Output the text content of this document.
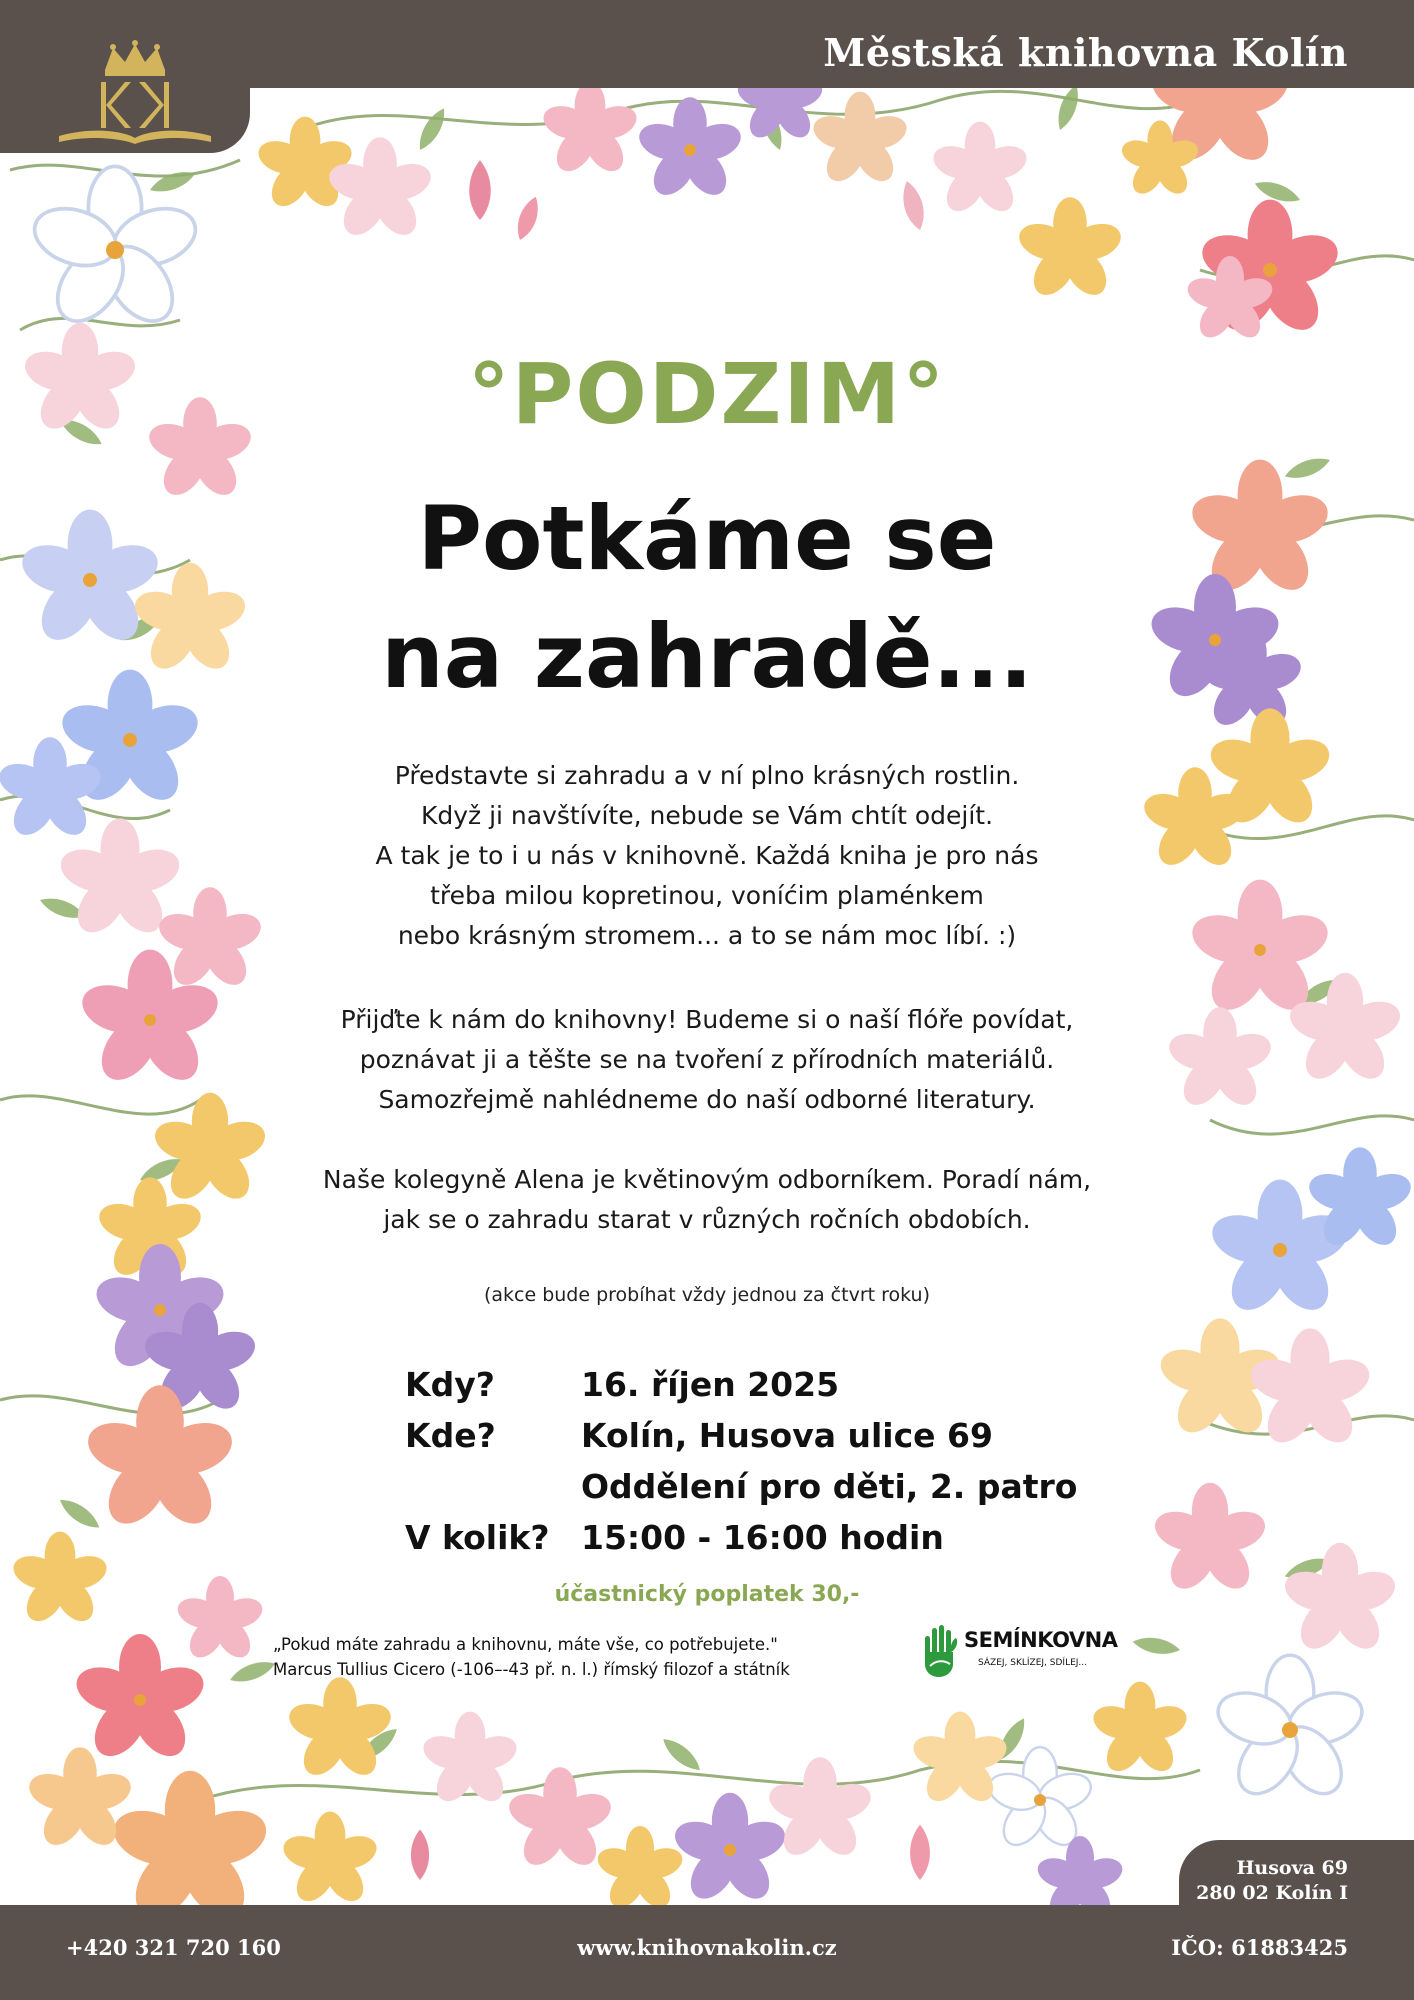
Městská knihovna Kolín
°PODZIM°
Potkáme se
na zahradě...
Představte si zahradu a v ní plno krásných rostlin.
Když ji navštívíte, nebude se Vám chtít odejít.
A tak je to i u nás v knihovně. Každá kniha je pro nás
třeba milou kopretinou, voníćim plaménkem
nebo krásným stromem... a to se nám moc líbí. :)
Přijďte k nám do knihovny! Budeme si o naší flóře povídat,
poznávat ji a těšte se na tvoření z přírodních materiálů.
Samozřejmě nahlédneme do naší odborné literatury.
Naše kolegyně Alena je květinovým odborníkem. Poradí nám,
jak se o zahradu starat v různých ročních obdobích.
(akce bude probíhat vždy jednou za čtvrt roku)
Kdy?	16. říjen 2025
Kde?	Kolín, Husova ulice 69
Oddělení pro děti, 2. patro
V kolik? 15:00 - 16:00 hodin
účastnický poplatek 30,-
„Pokud máte zahradu a knihovnu, máte vše, co potřebujete."
Marcus Tullius Cicero (-106–-43 př. n. l.) římský filozof a státník
SEMÍNKOVNA
SÁZEJ, SKLÍZEJ, SDÍLEJ...
Husova 69
280 02 Kolín I
+420 321 720 160	www.knihovnakolin.cz	IČO: 61883425
